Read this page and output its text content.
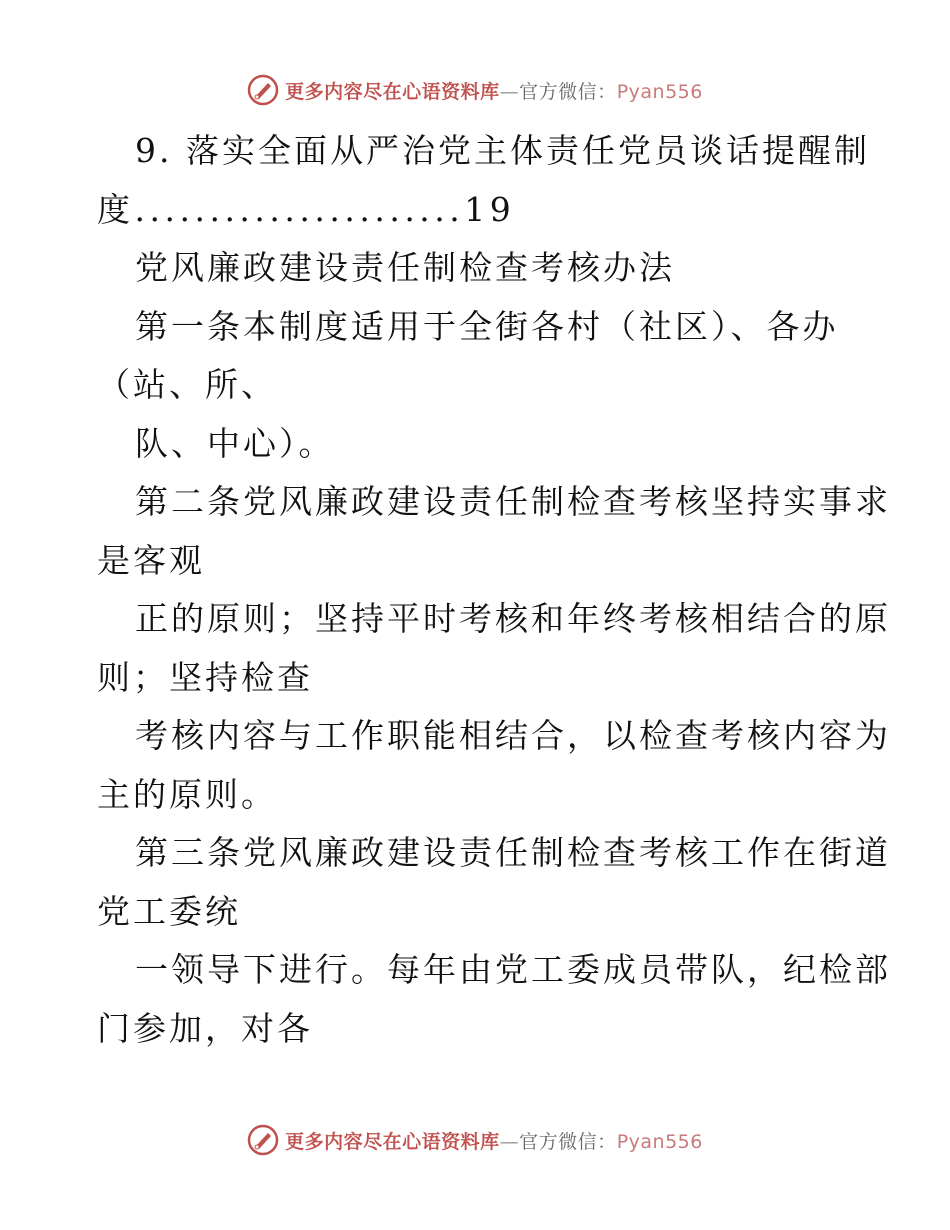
更多内容尽在心语资料库—官方微信：Pyan556
9. 落实全面从严治党主体责任党员谈话提醒制
度......................19
党风廉政建设责任制检查考核办法
第一条本制度适用于全街各村（社区）、各办
（站、所、
队、中心）。
第二条党风廉政建设责任制检查考核坚持实事求
是客观
正的原则；坚持平时考核和年终考核相结合的原
则；坚持检查
考核内容与工作职能相结合，以检查考核内容为
主的原则。
第三条党风廉政建设责任制检查考核工作在街道
党工委统
一领导下进行。每年由党工委成员带队，纪检部
门参加，对各
更多内容尽在心语资料库—官方微信：Pyan556
